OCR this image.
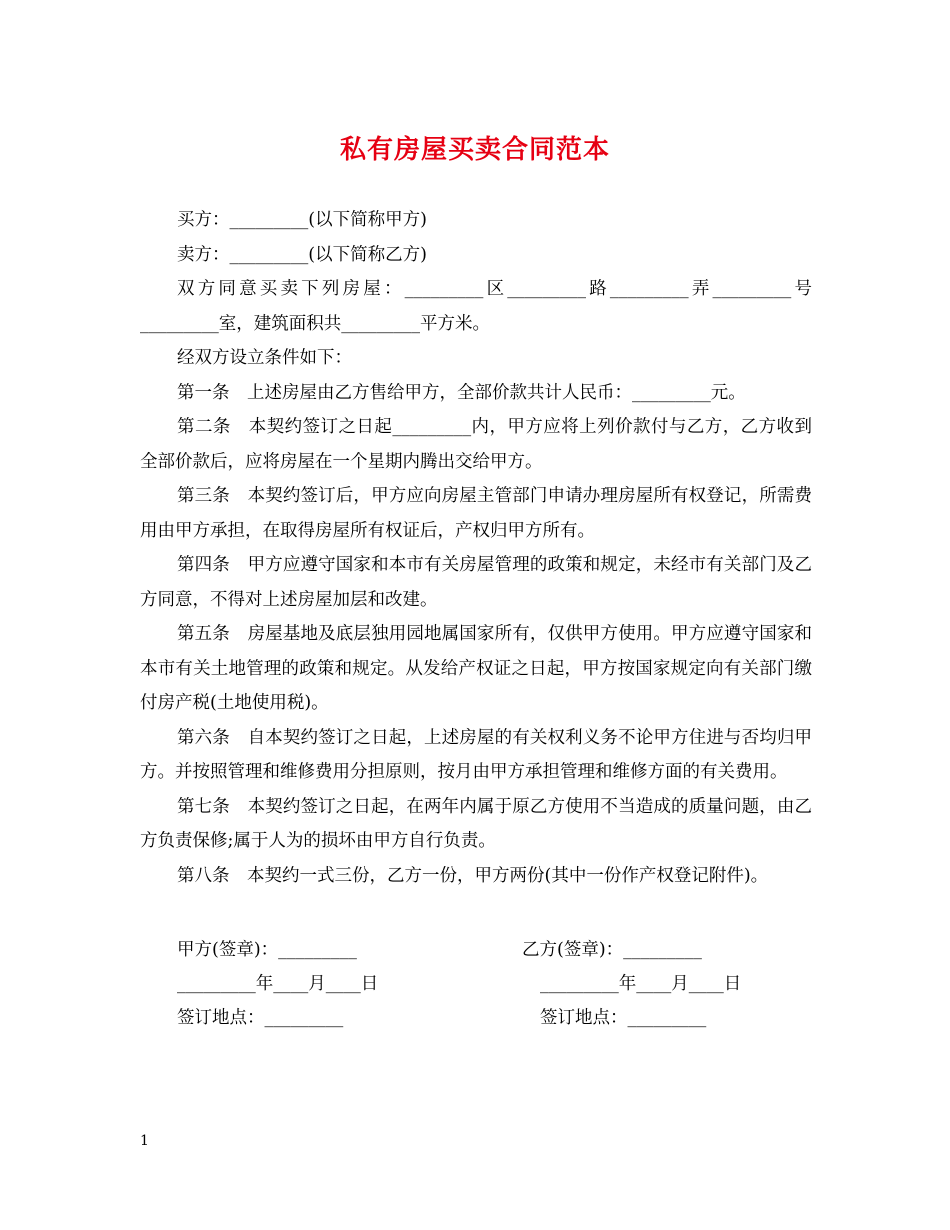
私有房屋买卖合同范本

买方：_________(以下简称甲方)

卖方：_________(以下简称乙方)

双方同意买卖下列房屋：_________区_________路_________弄_________号_________室，建筑面积共_________平方米。

经双方设立条件如下：

第一条　上述房屋由乙方售给甲方，全部价款共计人民币：_________元。

第二条　本契约签订之日起_________内，甲方应将上列价款付与乙方，乙方收到全部价款后，应将房屋在一个星期内腾出交给甲方。

第三条　本契约签订后，甲方应向房屋主管部门申请办理房屋所有权登记，所需费用由甲方承担，在取得房屋所有权证后，产权归甲方所有。

第四条　甲方应遵守国家和本市有关房屋管理的政策和规定，未经市有关部门及乙方同意，不得对上述房屋加层和改建。

第五条　房屋基地及底层独用园地属国家所有，仅供甲方使用。甲方应遵守国家和本市有关土地管理的政策和规定。从发给产权证之日起，甲方按国家规定向有关部门缴付房产税(土地使用税)。

第六条　自本契约签订之日起，上述房屋的有关权利义务不论甲方住进与否均归甲方。并按照管理和维修费用分担原则，按月由甲方承担管理和维修方面的有关费用。

第七条　本契约签订之日起，在两年内属于原乙方使用不当造成的质量问题，由乙方负责保修;属于人为的损坏由甲方自行负责。

第八条　本契约一式三份，乙方一份，甲方两份(其中一份作产权登记附件)。

甲方(签章)：_________	乙方(签章)：_________
_________年____月____日	_________年____月____日
签订地点：_________	签订地点：_________
1
